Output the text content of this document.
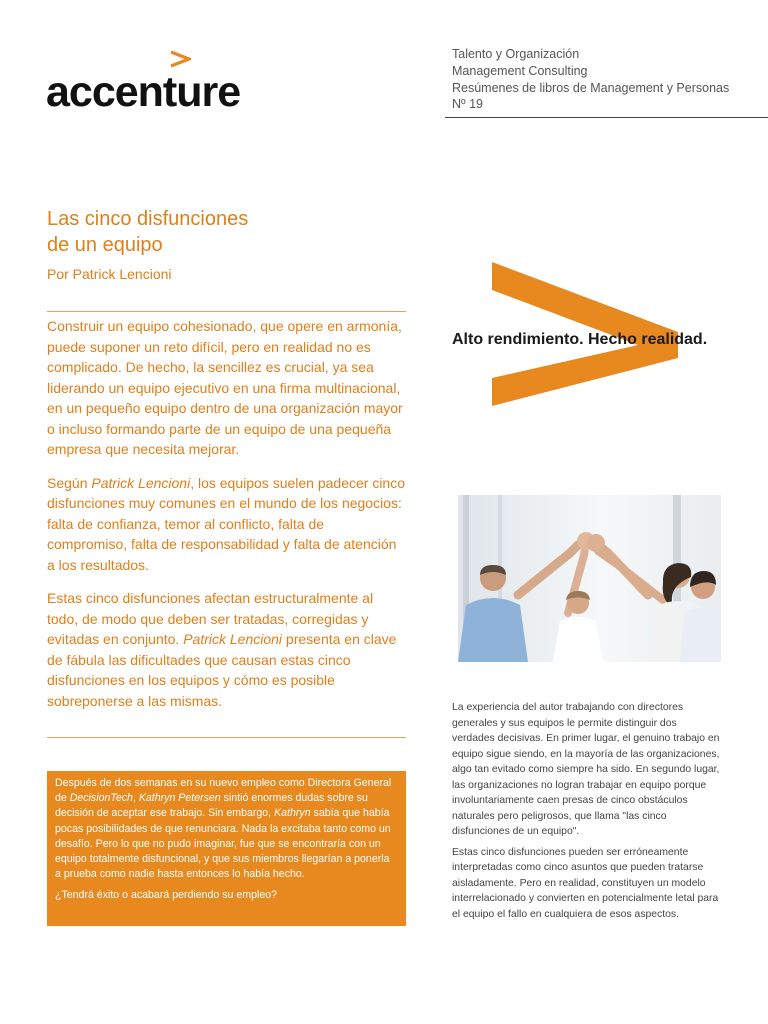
accenture
Talento y Organización
Management Consulting
Resúmenes de libros de Management y Personas
Nº 19
Las cinco disfunciones
de un equipo
Por Patrick Lencioni

Construir un equipo cohesionado, que opere en armonía, puede suponer un reto difícil, pero en realidad no es complicado. De hecho, la sencillez es crucial, ya sea liderando un equipo ejecutivo en una firma multinacional, en un pequeño equipo dentro de una organización mayor o incluso formando parte de un equipo de una pequeña empresa que necesita mejorar.

Según Patrick Lencioni, los equipos suelen padecer cinco disfunciones muy comunes en el mundo de los negocios: falta de confianza, temor al conflicto, falta de compromiso, falta de responsabilidad y falta de atención a los resultados.

Estas cinco disfunciones afectan estructuralmente al todo, de modo que deben ser tratadas, corregidas y evitadas en conjunto. Patrick Lencioni presenta en clave de fábula las dificultades que causan estas cinco disfunciones en los equipos y cómo es posible sobreponerse a las mismas.

Después de dos semanas en su nuevo empleo como Directora General de DecisionTech, Kathryn Petersen sintió enormes dudas sobre su decisión de aceptar ese trabajo. Sin embargo, Kathryn sabía que había pocas posibilidades de que renunciara. Nada la excitaba tanto como un desafío. Pero lo que no pudo imaginar, fue que se encontraría con un equipo totalmente disfuncional, y que sus miembros llegarían a ponerla a prueba como nadie hasta entonces lo había hecho.

¿Tendrá éxito o acabará perdiendo su empleo?

Alto rendimiento. Hecho realidad.

La experiencia del autor trabajando con directores generales y sus equipos le permite distinguir dos verdades decisivas. En primer lugar, el genuino trabajo en equipo sigue siendo, en la mayoría de las organizaciones, algo tan evitado como siempre ha sido. En segundo lugar, las organizaciones no logran trabajar en equipo porque involuntariamente caen presas de cinco obstáculos naturales pero peligrosos, que llama "las cinco disfunciones de un equipo".

Estas cinco disfunciones pueden ser erróneamente interpretadas como cinco asuntos que pueden tratarse aisladamente. Pero en realidad, constituyen un modelo interrelacionado y convierten en potencialmente letal para el equipo el fallo en cualquiera de esos aspectos.
